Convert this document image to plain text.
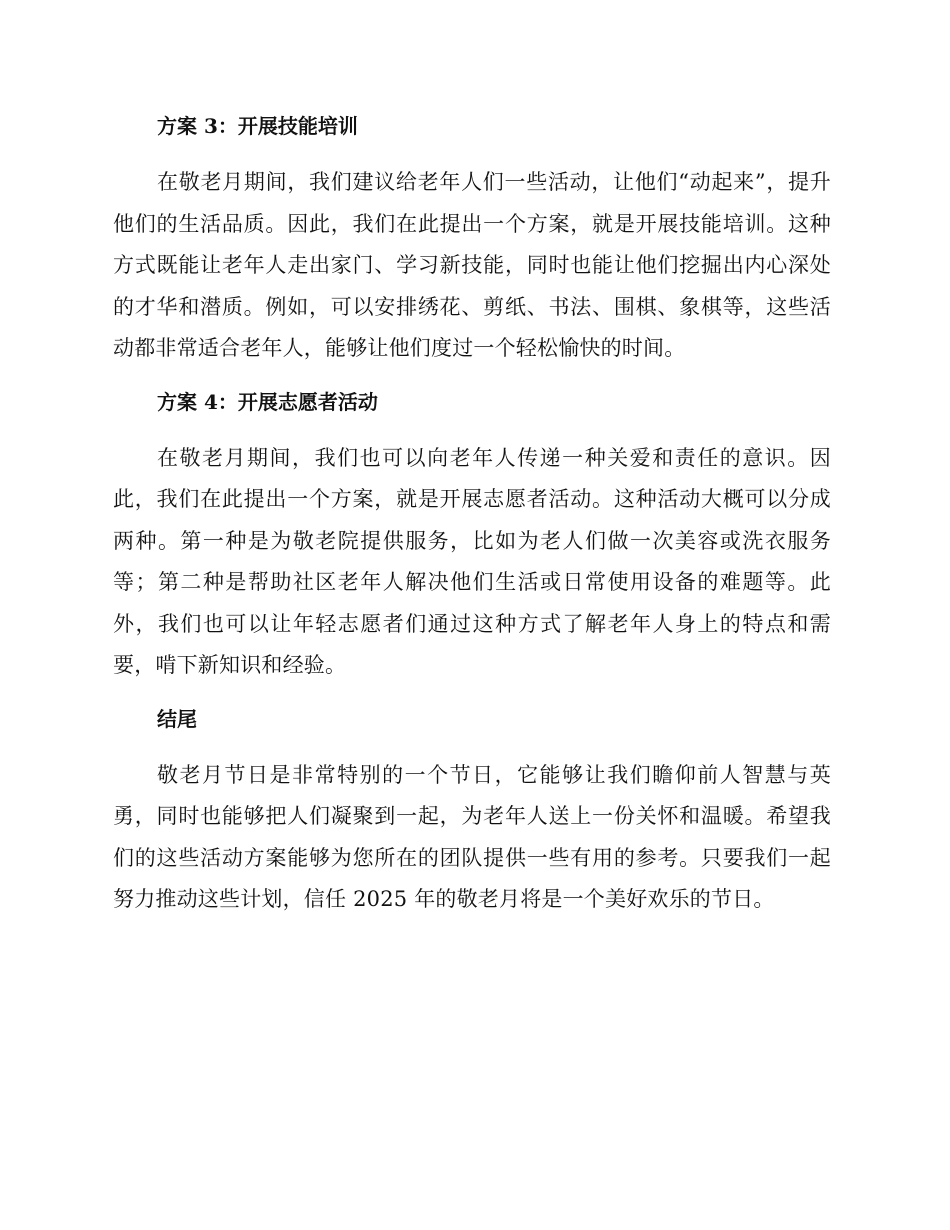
方案 3：开展技能培训

在敬老月期间，我们建议给老年人们一些活动，让他们“动起来”，提升他们的生活品质。因此，我们在此提出一个方案，就是开展技能培训。这种方式既能让老年人走出家门、学习新技能，同时也能让他们挖掘出内心深处的才华和潜质。例如，可以安排绣花、剪纸、书法、围棋、象棋等，这些活动都非常适合老年人，能够让他们度过一个轻松愉快的时间。

方案 4：开展志愿者活动

在敬老月期间，我们也可以向老年人传递一种关爱和责任的意识。因此，我们在此提出一个方案，就是开展志愿者活动。这种活动大概可以分成两种。第一种是为敬老院提供服务，比如为老人们做一次美容或洗衣服务等；第二种是帮助社区老年人解决他们生活或日常使用设备的难题等。此外，我们也可以让年轻志愿者们通过这种方式了解老年人身上的特点和需要，啃下新知识和经验。

结尾

敬老月节日是非常特别的一个节日，它能够让我们瞻仰前人智慧与英勇，同时也能够把人们凝聚到一起，为老年人送上一份关怀和温暖。希望我们的这些活动方案能够为您所在的团队提供一些有用的参考。只要我们一起努力推动这些计划，信任 2025 年的敬老月将是一个美好欢乐的节日。
